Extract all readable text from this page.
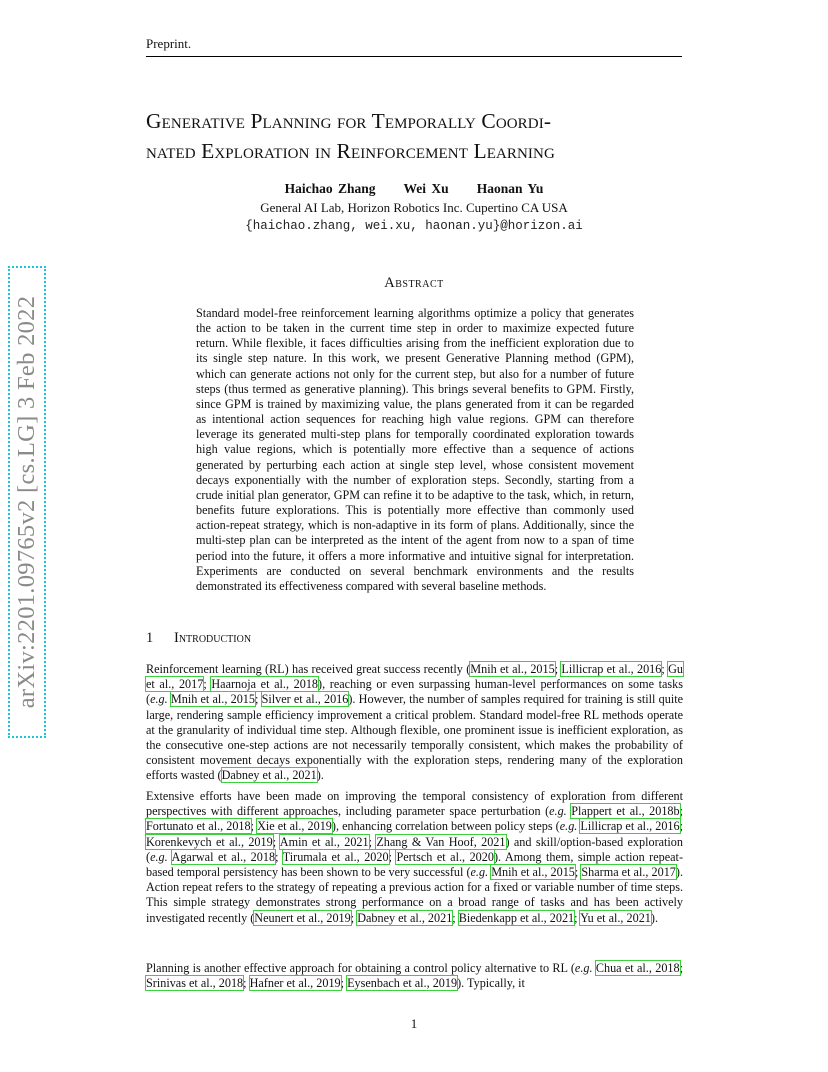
Preprint.
Generative Planning for Temporally Coordi-
nated Exploration in Reinforcement Learning
Haichao Zhang Wei Xu Haonan Yu
General AI Lab, Horizon Robotics Inc. Cupertino CA USA
{haichao.zhang, wei.xu, haonan.yu}@horizon.ai
arXiv:2201.09765v2 [cs.LG] 3 Feb 2022
Abstract
Standard model-free reinforcement learning algorithms optimize a policy that generates the action to be taken in the current time step in order to maximize expected future return. While flexible, it faces difficulties arising from the inefficient exploration due to its single step nature. In this work, we present Generative Planning method (GPM), which can generate actions not only for the current step, but also for a number of future steps (thus termed as generative planning). This brings several benefits to GPM. Firstly, since GPM is trained by maximizing value, the plans generated from it can be regarded as intentional action sequences for reaching high value regions. GPM can therefore leverage its generated multi-step plans for temporally coordinated exploration towards high value regions, which is potentially more effective than a sequence of actions generated by perturbing each action at single step level, whose consistent movement decays exponentially with the number of exploration steps. Secondly, starting from a crude initial plan generator, GPM can refine it to be adaptive to the task, which, in return, benefits future explorations. This is potentially more effective than commonly used action-repeat strategy, which is non-adaptive in its form of plans. Additionally, since the multi-step plan can be interpreted as the intent of the agent from now to a span of time period into the future, it offers a more informative and intuitive signal for interpretation. Experiments are conducted on several benchmark environments and the results demonstrated its effectiveness compared with several baseline methods.
1 Introduction
Reinforcement learning (RL) has received great success recently (Mnih et al., 2015; Lillicrap et al., 2016; Gu et al., 2017; Haarnoja et al., 2018), reaching or even surpassing human-level performances on some tasks (e.g. Mnih et al., 2015; Silver et al., 2016). However, the number of samples required for training is still quite large, rendering sample efficiency improvement a critical problem. Standard model-free RL methods operate at the granularity of individual time step. Although flexible, one prominent issue is inefficient exploration, as the consecutive one-step actions are not necessarily temporally consistent, which makes the probability of consistent movement decays exponentially with the exploration steps, rendering many of the exploration efforts wasted (Dabney et al., 2021).
Extensive efforts have been made on improving the temporal consistency of exploration from different perspectives with different approaches, including parameter space perturbation (e.g. Plappert et al., 2018b; Fortunato et al., 2018; Xie et al., 2019), enhancing correlation between policy steps (e.g. Lillicrap et al., 2016; Korenkevych et al., 2019; Amin et al., 2021; Zhang & Van Hoof, 2021) and skill/option-based exploration (e.g. Agarwal et al., 2018; Tirumala et al., 2020; Pertsch et al., 2020). Among them, simple action repeat-based temporal persistency has been shown to be very successful (e.g. Mnih et al., 2015; Sharma et al., 2017). Action repeat refers to the strategy of repeating a previous action for a fixed or variable number of time steps. This simple strategy demonstrates strong performance on a broad range of tasks and has been actively investigated recently (Neunert et al., 2019; Dabney et al., 2021; Biedenkapp et al., 2021; Yu et al., 2021).
Planning is another effective approach for obtaining a control policy alternative to RL (e.g. Chua et al., 2018; Srinivas et al., 2018; Hafner et al., 2019; Eysenbach et al., 2019). Typically, it
1
